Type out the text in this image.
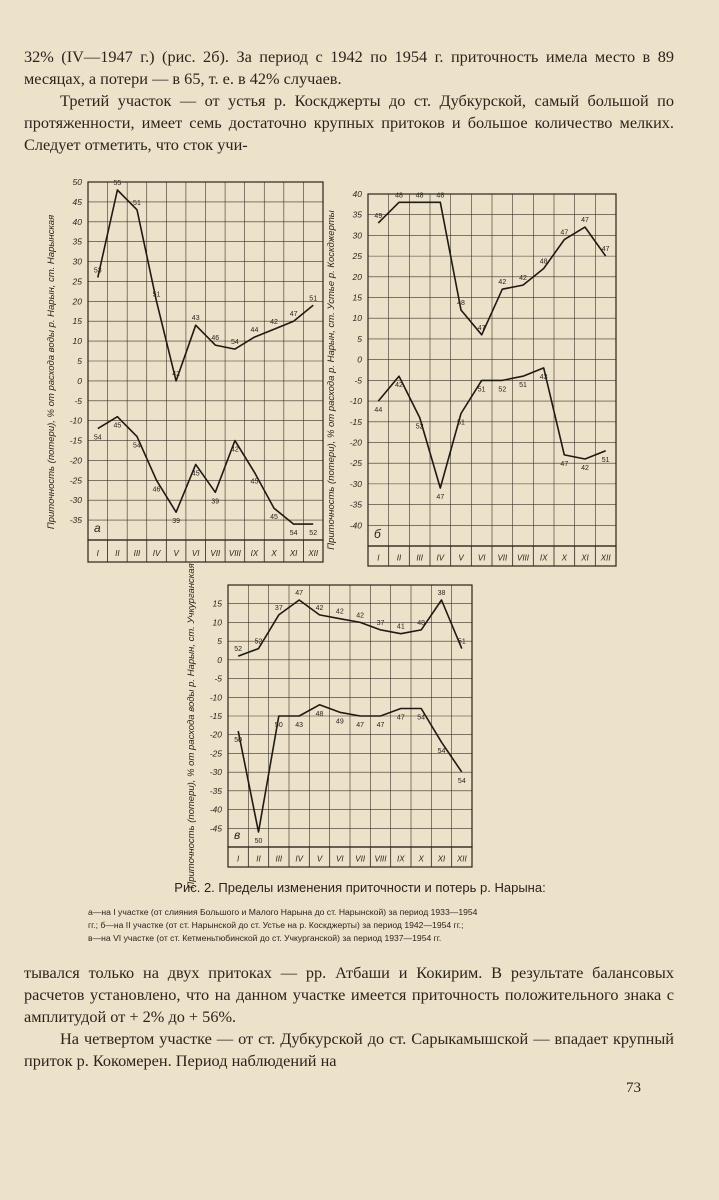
32% (IV—1947 г.) (рис. 2б). За период с 1942 по 1954 г. приточность имела место в 89 месяцах, а потери — в 65, т. е. в 42% случаев.

Третий участок — от устья р. Коcкджерты до ст. Дубкурской, самый большой по протяженности, имеет семь достаточно крупных притоков и большое количество мелких. Следует отметить, что сток учи-

I II III IV V VI VII VIII IX X XI XII
а
50
45
40
35
30
25
20
15
10
5
0
-5
-10
-15
-20
-25
-30
-35
Приточность (потери), % от расхода воды р. Нарын, ст. Нарынская	53
55
51
51
42
43
46
54
44
42
47
51
54
45
54
46
39
45
39
42
45
45
54 52
I II III IV V VI VII VIII IX X XI XII
б
40
35
30
25
20
15
10
5
0
-5
-10
-15
-20
-25
-30
-35
-40
Приточность (потери), % от расхода р. Нарын, ст. Устье р. Коcкджерты	49
48 48 48
48
47
42
42
48
47
47
47
44
42
52
47
51
51 52
51
43
47
42
51
I II III IV V VI VII VIII IX X XI XII
в
15
10
5
0
-5
-10
-15
-20
-25
-30
-35
-40
-45
Приточность (потери), % от расхода воды р. Нарын, ст. Учкурганская	52
52
37
47
42
42
42
37
41
48
38
51
50
50
50 43
48
49
47 47
47 54
54
54

Рис. 2. Пределы изменения приточности и потерь р. Нарына:

а—на I участке (от слияния Большого и Малого Нарына до ст. Нарынской) за период 1933—1954

гг.; б—на II участке (от ст. Нарынской до ст. Устье на р. Коcкджерты) за период 1942—1954 гг.;

в—на VI участке (от ст. Кетменьтюбинской до ст. Учкурганской) за период 1937—1954 гг.

тывался только на двух притоках — рр. Атбаши и Кокирим. В результате балансовых расчетов установлено, что на данном участке имеется приточность положительного знака с амплитудой от + 2% до + 56%.

На четвертом участке — от ст. Дубкурской до ст. Сарыкамышской — впадает крупный приток р. Кокомерен. Период наблюдений на

73
